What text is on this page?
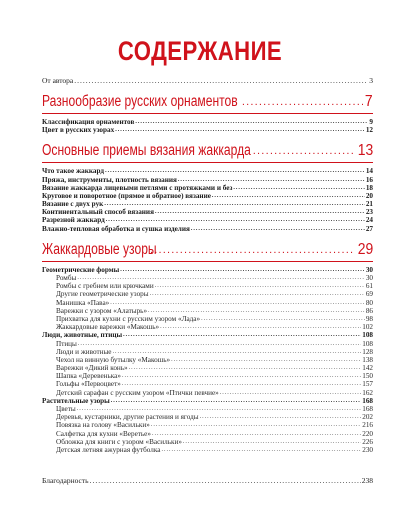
СОДЕРЖАНИЕ
От автора .....	3
Разнообразие русских орнаментов .....	7
Классификация орнаментов .....	9
Цвет в русских узорах .....	12
Основные приемы вязания жаккарда .....	13
Что такое жаккард .....	14
Пряжа, инструменты, плотность вязания .....	16
Вязание жаккарда лицевыми петлями с протяжками и без .....	18
Круговое и поворотное (прямое и обратное) вязание .....	20
Вязание с двух рук .....	21
Континентальный способ вязания .....	23
Разрезной жаккард .....	24
Влажно-тепловая обработка и сушка изделия .....	27
Жаккардовые узоры .....	29
Геометрические формы .....	30
Ромбы .....	30
Ромбы с гребнем или крючками .....	61
Другие геометрические узоры .....	69
Манишка «Пава» .....	80
Варежки с узором «Алатырь» .....	86
Прихватка для кухни с русским узором «Лада» .....	98
Жаккардовые варежки «Макошь» .....	102
Люди, животные, птицы .....	108
Птицы .....	108
Люди и животные .....	128
Чехол на винную бутылку «Макошь» .....	138
Варежки «Дикий конь» .....	142
Шапка «Деревенька» .....	150
Гольфы «Первоцвет» .....	157
Детский сарафан с русским узором «Птички певчие» .....	162
Растительные узоры .....	168
Цветы .....	168
Деревья, кустарники, другие растения и ягоды .....	202
Повязка на голову «Васильки» .....	216
Салфетка для кухни «Веретье» .....	220
Обложка для книги с узором «Васильки» .....	226
Детская летняя ажурная футболка .....	230
Благодарность .....	238
